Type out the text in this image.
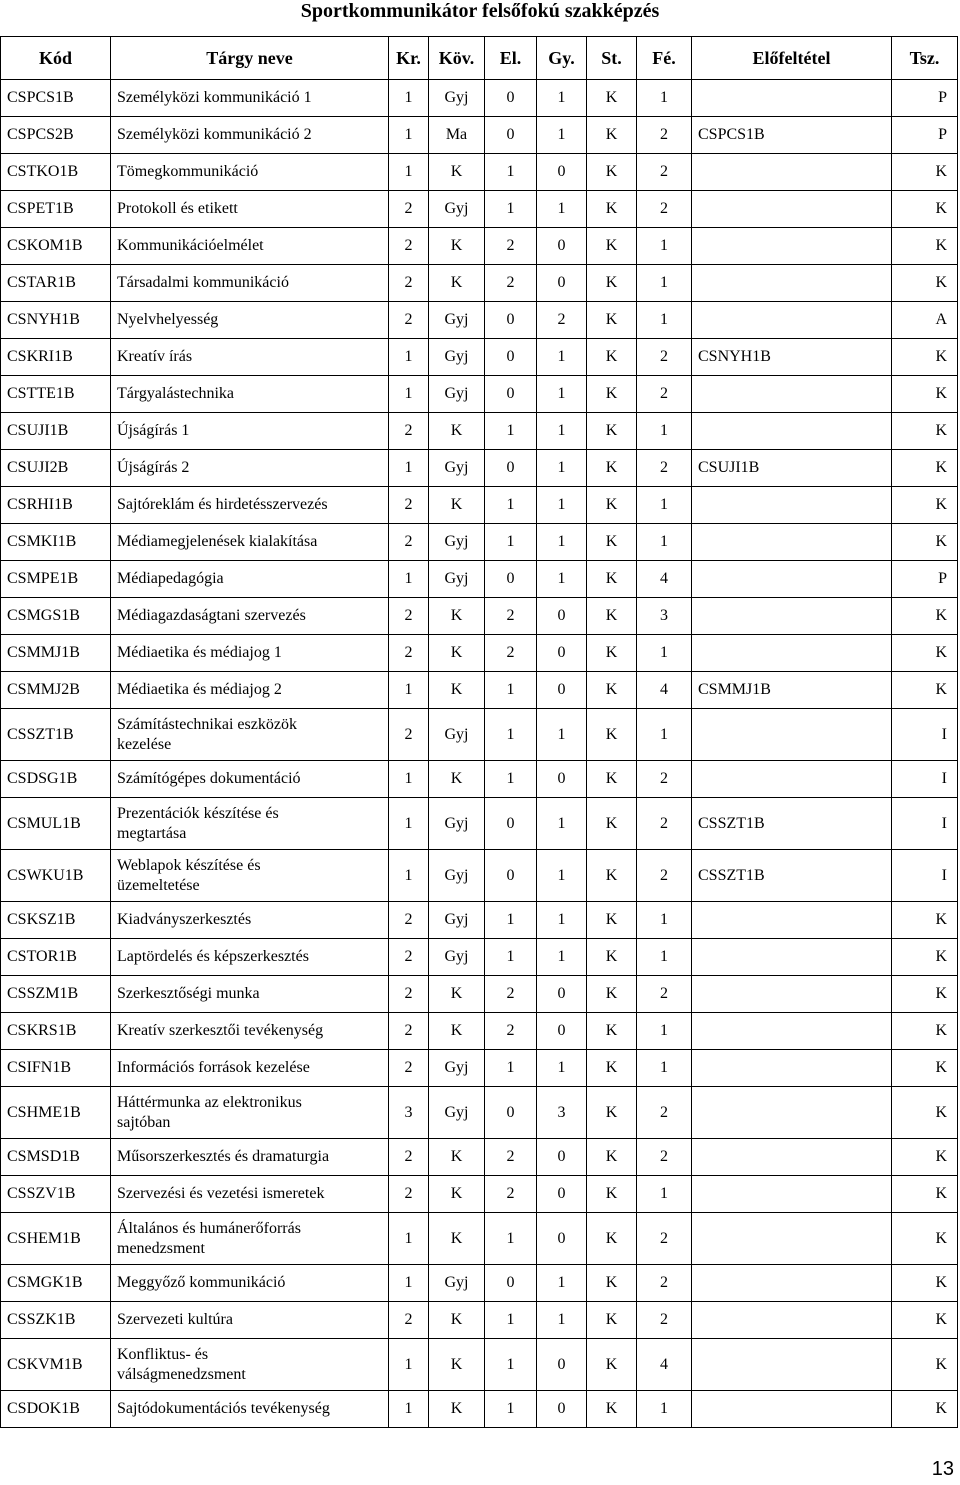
Sportkommunikátor felsőfokú szakképzés
Kód	Tárgy neve	Kr.	Köv.	El.	Gy.	St.	Fé.	Előfeltétel	Tsz.
CSPCS1B	Személyközi kommunikáció 1	1	Gyj	0	1	K	1		P
CSPCS2B	Személyközi kommunikáció 2	1	Ma	0	1	K	2	CSPCS1B	P
CSTKO1B	Tömegkommunikáció	1	K	1	0	K	2		K
CSPET1B	Protokoll és etikett	2	Gyj	1	1	K	2		K
CSKOM1B	Kommunikációelmélet	2	K	2	0	K	1		K
CSTAR1B	Társadalmi kommunikáció	2	K	2	0	K	1		K
CSNYH1B	Nyelvhelyesség	2	Gyj	0	2	K	1		A
CSKRI1B	Kreatív írás	1	Gyj	0	1	K	2	CSNYH1B	K
CSTTE1B	Tárgyalástechnika	1	Gyj	0	1	K	2		K
CSUJI1B	Újságírás 1	2	K	1	1	K	1		K
CSUJI2B	Újságírás 2	1	Gyj	0	1	K	2	CSUJI1B	K
CSRHI1B	Sajtóreklám és hirdetésszervezés	2	K	1	1	K	1		K
CSMKI1B	Médiamegjelenések kialakítása	2	Gyj	1	1	K	1		K
CSMPE1B	Médiapedagógia	1	Gyj	0	1	K	4		P
CSMGS1B	Médiagazdaságtani szervezés	2	K	2	0	K	3		K
CSMMJ1B	Médiaetika és médiajog 1	2	K	2	0	K	1		K
CSMMJ2B	Médiaetika és médiajog 2	1	K	1	0	K	4	CSMMJ1B	K
CSSZT1B	Számítástechnikai eszközök kezelése	2	Gyj	1	1	K	1		I
CSDSG1B	Számítógépes dokumentáció	1	K	1	0	K	2		I
CSMUL1B	Prezentációk készítése és megtartása	1	Gyj	0	1	K	2	CSSZT1B	I
CSWKU1B	Weblapok készítése és üzemeltetése	1	Gyj	0	1	K	2	CSSZT1B	I
CSKSZ1B	Kiadványszerkesztés	2	Gyj	1	1	K	1		K
CSTOR1B	Laptördelés és képszerkesztés	2	Gyj	1	1	K	1		K
CSSZM1B	Szerkesztőségi munka	2	K	2	0	K	2		K
CSKRS1B	Kreatív szerkesztői tevékenység	2	K	2	0	K	1		K
CSIFN1B	Információs források kezelése	2	Gyj	1	1	K	1		K
CSHME1B	Háttérmunka az elektronikus sajtóban	3	Gyj	0	3	K	2		K
CSMSD1B	Műsorszerkesztés és dramaturgia	2	K	2	0	K	2		K
CSSZV1B	Szervezési és vezetési ismeretek	2	K	2	0	K	1		K
CSHEM1B	Általános és humánerőforrás menedzsment	1	K	1	0	K	2		K
CSMGK1B	Meggyőző kommunikáció	1	Gyj	0	1	K	2		K
CSSZK1B	Szervezeti kultúra	2	K	1	1	K	2		K
CSKVM1B	Konfliktus- és válságmenedzsment	1	K	1	0	K	4		K
CSDOK1B	Sajtódokumentációs tevékenység	1	K	1	0	K	1		K
13
